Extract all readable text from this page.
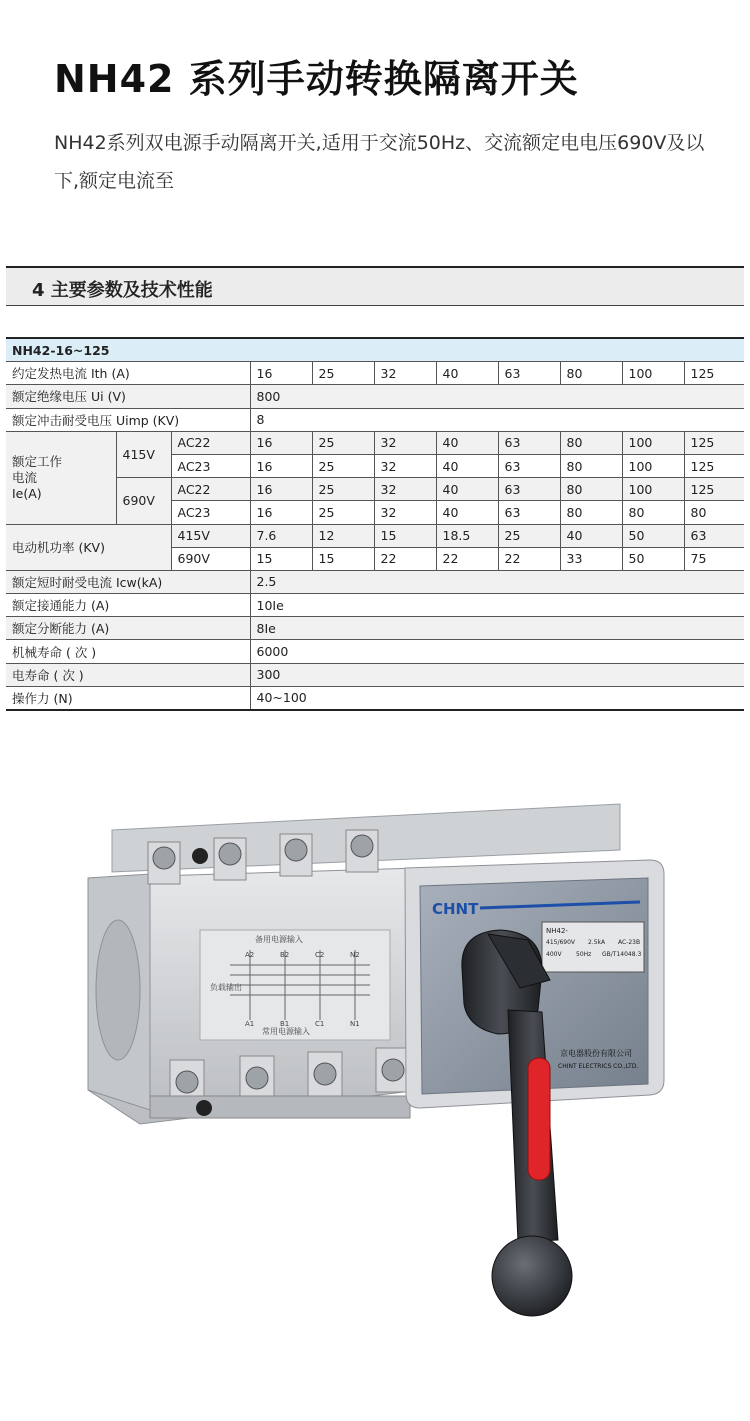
NH42 系列手动转换隔离开关
NH42系列双电源手动隔离开关,适用于交流50Hz、交流额定电电压690V及以下,额定电流至
4 主要参数及技术性能
NH42-16~125										
约定发热电流 Ith (A)			16	25	32	40	63	80	100	125
额定绝缘电压 Ui (V)			800							
额定冲击耐受电压 Uimp (KV)			8							

额定工作
电流
Ie(A)	415V	AC22	16	25	32	40	63	80	100	125
		AC23	16	25	32	40	63	80	100	125
	690V	AC22	16	25	32	40	63	80	100	125
		AC23	16	25	32	40	63	80	80	80
电动机功率 (KV)		415V	7.6	12	15	18.5	25	40	50	63
		690V	15	15	22	22	22	33	50	75
额定短时耐受电流 Icw(kA)			2.5							
额定接通能力 (A)			10Ie							
额定分断能力 (A)			8Ie							
机械寿命 ( 次 )			6000							
电寿命 ( 次 )			300							
操作力 (N)			40~100							
备用电源输入
常用电源输入
负载输出
A2	B2	C2	N2
A1	B1	C1	N1
CHNT
NH42-
415/690V 2.5kA AC-23B
400V 50Hz GB/T14048.3
京电器股份有限公司
CHINT ELECTRICS CO.,LTD.
